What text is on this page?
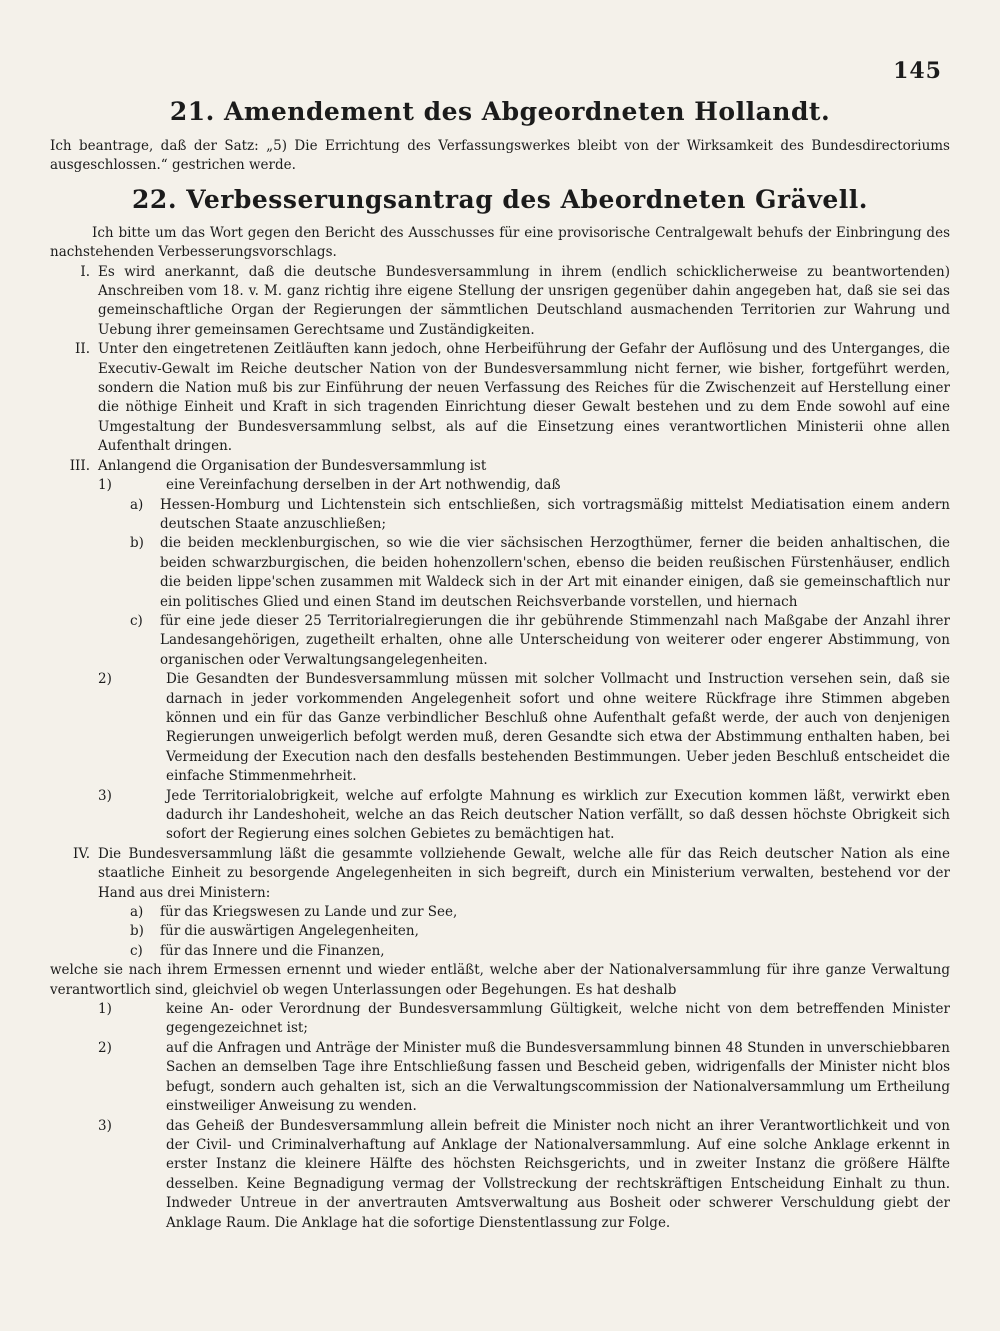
145
21. Amendement des Abgeordneten Hollandt.

Ich beantrage, daß der Satz: „5) Die Errichtung des Verfassungswerkes bleibt von der Wirksamkeit des Bundesdirectoriums ausgeschlossen.“ gestrichen werde.

22. Verbesserungsantrag des Abeordneten Grävell.

Ich bitte um das Wort gegen den Bericht des Ausschusses für eine provisorische Centralgewalt behufs der Einbringung des nachstehenden Verbesserungsvorschlags.

I. Es wird anerkannt, daß die deutsche Bundesversammlung in ihrem (endlich schicklicherweise zu beantwortenden) Anschreiben vom 18. v. M. ganz richtig ihre eigene Stellung der unsrigen gegenüber dahin angegeben hat, daß sie sei das gemeinschaftliche Organ der Regierungen der sämmtlichen Deutschland ausmachenden Territorien zur Wahrung und Uebung ihrer gemeinsamen Gerechtsame und Zuständigkeiten.
II. Unter den eingetretenen Zeitläuften kann jedoch, ohne Herbeiführung der Gefahr der Auflösung und des Unterganges, die Executiv-Gewalt im Reiche deutscher Nation von der Bundesversammlung nicht ferner, wie bisher, fortgeführt werden, sondern die Nation muß bis zur Einführung der neuen Verfassung des Reiches für die Zwischenzeit auf Herstellung einer die nöthige Einheit und Kraft in sich tragenden Einrichtung dieser Gewalt bestehen und zu dem Ende sowohl auf eine Umgestaltung der Bundesversammlung selbst, als auf die Einsetzung eines verantwortlichen Ministerii ohne allen Aufenthalt dringen.
III. Anlangend die Organisation der Bundesversammlung ist
1)	eine Vereinfachung derselben in der Art nothwendig, daß
a)	Hessen-Homburg und Lichtenstein sich entschließen, sich vortragsmäßig mittelst Mediatisation einem andern deutschen Staate anzuschließen;
b)	die beiden mecklenburgischen, so wie die vier sächsischen Herzogthümer, ferner die beiden anhaltischen, die beiden schwarzburgischen, die beiden hohenzollern'schen, ebenso die beiden reußischen Fürstenhäuser, endlich die beiden lippe'schen zusammen mit Waldeck sich in der Art mit einander einigen, daß sie gemeinschaftlich nur ein politisches Glied und einen Stand im deutschen Reichsverbande vorstellen, und hiernach
c)	für eine jede dieser 25 Territorialregierungen die ihr gebührende Stimmenzahl nach Maßgabe der Anzahl ihrer Landesangehörigen, zugetheilt erhalten, ohne alle Unterscheidung von weiterer oder engerer Abstimmung, von organischen oder Verwaltungsangelegenheiten.
2)	Die Gesandten der Bundesversammlung müssen mit solcher Vollmacht und Instruction versehen sein, daß sie darnach in jeder vorkommenden Angelegenheit sofort und ohne weitere Rückfrage ihre Stimmen abgeben können und ein für das Ganze verbindlicher Beschluß ohne Aufenthalt gefaßt werde, der auch von denjenigen Regierungen unweigerlich befolgt werden muß, deren Gesandte sich etwa der Abstimmung enthalten haben, bei Vermeidung der Execution nach den desfalls bestehenden Bestimmungen. Ueber jeden Beschluß entscheidet die einfache Stimmenmehrheit.
3)	Jede Territorialobrigkeit, welche auf erfolgte Mahnung es wirklich zur Execution kommen läßt, verwirkt eben dadurch ihr Landeshoheit, welche an das Reich deutscher Nation verfällt, so daß dessen höchste Obrigkeit sich sofort der Regierung eines solchen Gebietes zu bemächtigen hat.
IV. Die Bundesversammlung läßt die gesammte vollziehende Gewalt, welche alle für das Reich deutscher Nation als eine staatliche Einheit zu besorgende Angelegenheiten in sich begreift, durch ein Ministerium verwalten, bestehend vor der Hand aus drei Ministern:
a)	für das Kriegswesen zu Lande und zur See,
b)	für die auswärtigen Angelegenheiten,
c)	für das Innere und die Finanzen,

welche sie nach ihrem Ermessen ernennt und wieder entläßt, welche aber der Nationalversammlung für ihre ganze Verwaltung verantwortlich sind, gleichviel ob wegen Unterlassungen oder Begehungen. Es hat deshalb

1)	keine An- oder Verordnung der Bundesversammlung Gültigkeit, welche nicht von dem betreffenden Minister gegengezeichnet ist;
2)	auf die Anfragen und Anträge der Minister muß die Bundesversammlung binnen 48 Stunden in unverschiebbaren Sachen an demselben Tage ihre Entschließung fassen und Bescheid geben, widrigenfalls der Minister nicht blos befugt, sondern auch gehalten ist, sich an die Verwaltungscommission der Nationalversammlung um Ertheilung einstweiliger Anweisung zu wenden.
3)	das Geheiß der Bundesversammlung allein befreit die Minister noch nicht an ihrer Verantwortlichkeit und von der Civil- und Criminalverhaftung auf Anklage der Nationalversammlung. Auf eine solche Anklage erkennt in erster Instanz die kleinere Hälfte des höchsten Reichsgerichts, und in zweiter Instanz die größere Hälfte desselben. Keine Begnadigung vermag der Vollstreckung der rechtskräftigen Entscheidung Einhalt zu thun. Indweder Untreue in der anvertrauten Amtsverwaltung aus Bosheit oder schwerer Verschuldung giebt der Anklage Raum. Die Anklage hat die sofortige Dienstentlassung zur Folge.
